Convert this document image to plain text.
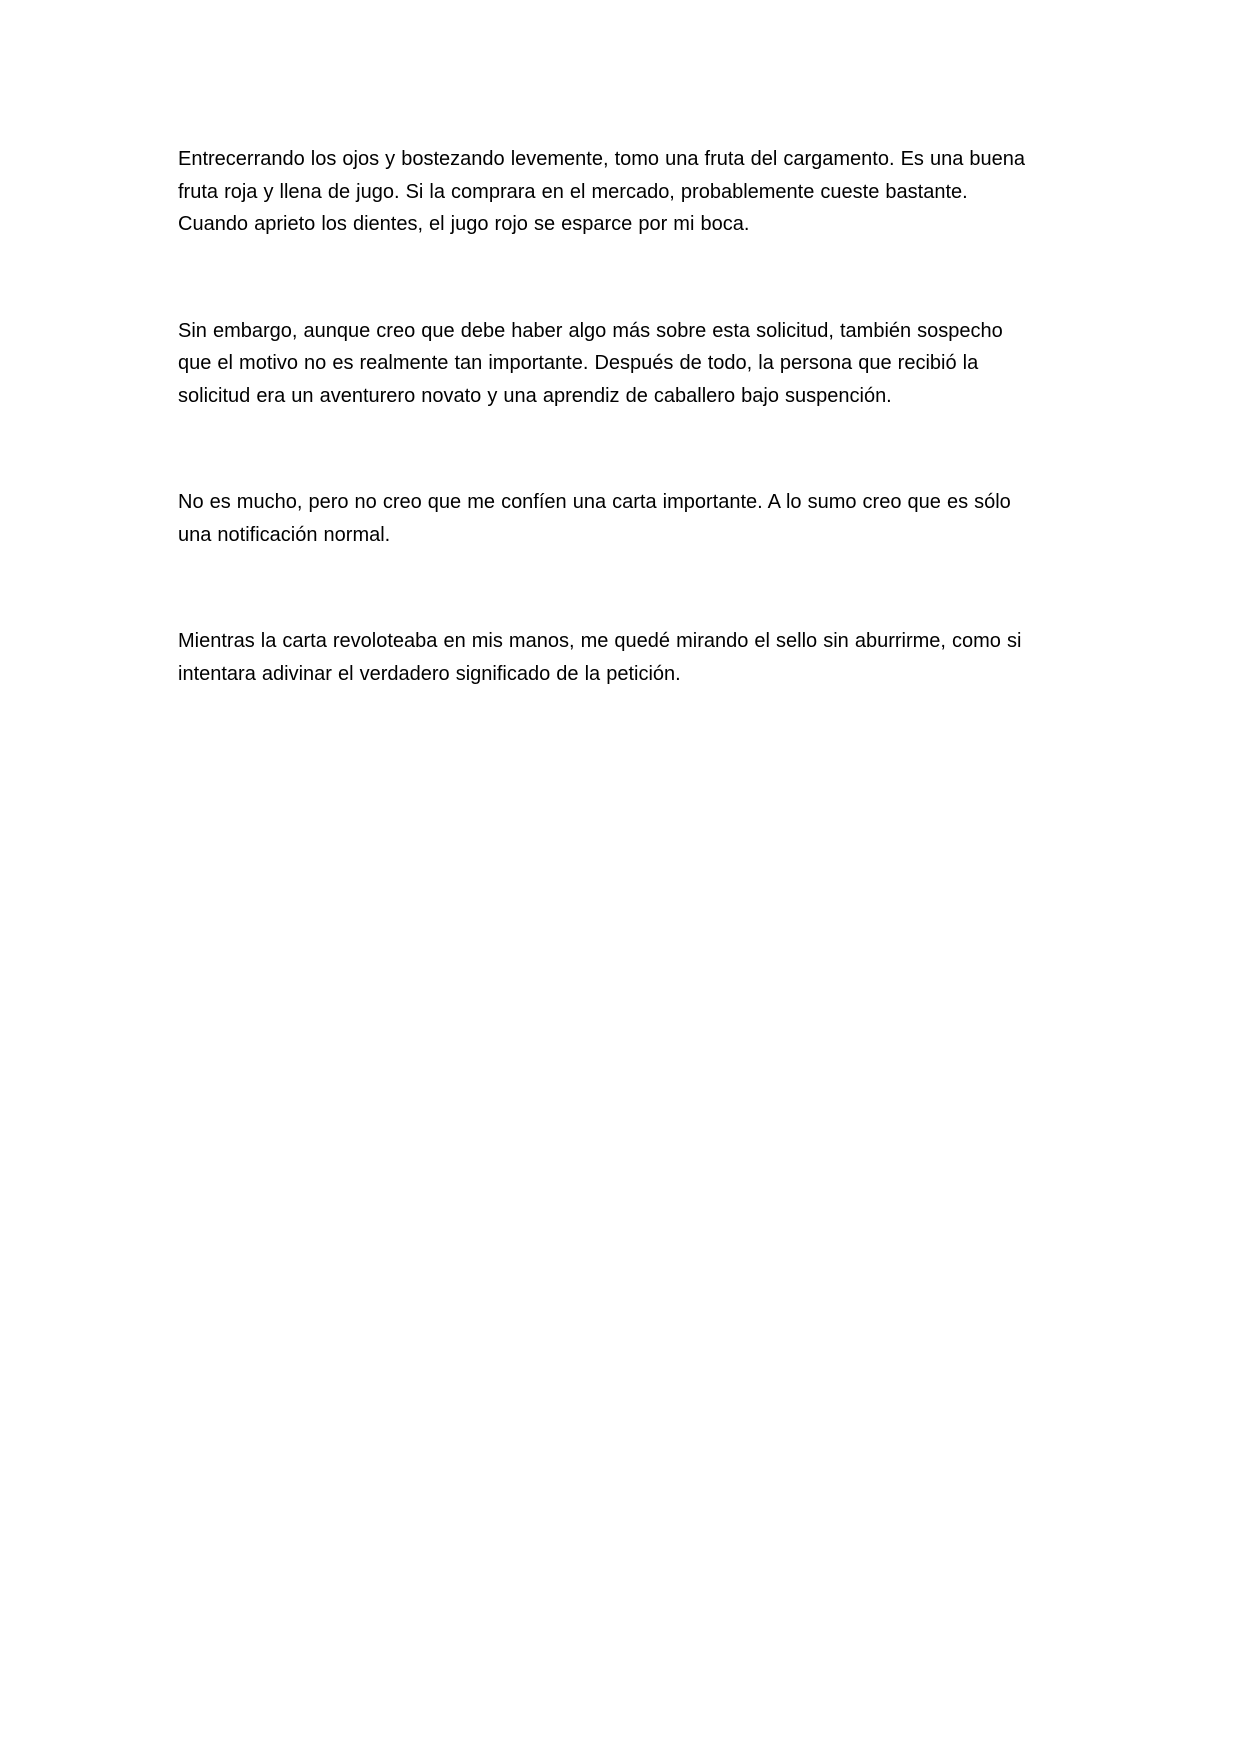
Entrecerrando los ojos y bostezando levemente, tomo una fruta del cargamento. Es una buena
fruta roja y llena de jugo. Si la comprara en el mercado, probablemente cueste bastante.
Cuando aprieto los dientes, el jugo rojo se esparce por mi boca.

Sin embargo, aunque creo que debe haber algo más sobre esta solicitud, también sospecho
que el motivo no es realmente tan importante. Después de todo, la persona que recibió la
solicitud era un aventurero novato y una aprendiz de caballero bajo suspención.

No es mucho, pero no creo que me confíen una carta importante. A lo sumo creo que es sólo
una notificación normal.

Mientras la carta revoloteaba en mis manos, me quedé mirando el sello sin aburrirme, como si
intentara adivinar el verdadero significado de la petición.
